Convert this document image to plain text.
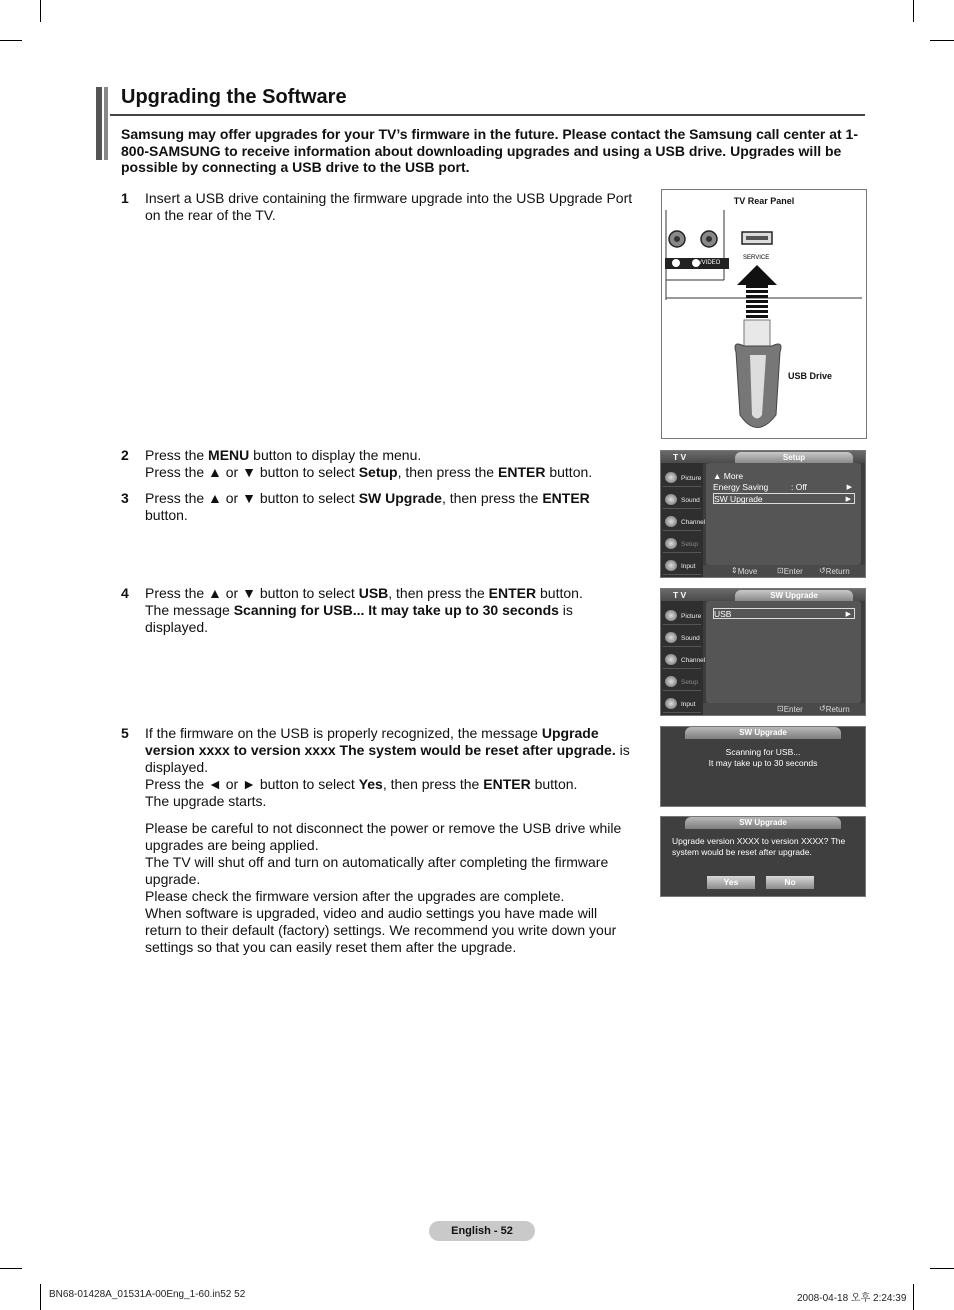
Upgrading the Software
Samsung may offer upgrades for your TV’s firmware in the future. Please contact the Samsung call center at 1-800-SAMSUNG to receive information about downloading upgrades and using a USB drive. Upgrades will be possible by connecting a USB drive to the USB port.
1	Insert a USB drive containing the firmware upgrade into the USB Upgrade Port on the rear of the TV.

2	Press the MENU button to display the menu.

Press the ▲ or ▼ button to select Setup, then press the ENTER button.

3	Press the ▲ or ▼ button to select SW Upgrade, then press the ENTER button.

4	Press the ▲ or ▼ button to select USB, then press the ENTER button.

The message Scanning for USB... It may take up to 30 seconds is displayed.

5	If the firmware on the USB is properly recognized, the message Upgrade version xxxx to version xxxx The system would be reset after upgrade. is displayed.

Press the ◄ or ► button to select Yes, then press the ENTER button.

The upgrade starts.

Please be careful to not disconnect the power or remove the USB drive while upgrades are being applied.

The TV will shut off and turn on automatically after completing the firmware upgrade.

Please check the firmware version after the upgrades are complete.

When software is upgraded, video and audio settings you have made will return to their default (factory) settings. We recommend you write down your settings so that you can easily reset them after the upgrade.

TV Rear Panel
SERVICE
/VIDEO
USB Drive
T V	Setup
Picture
Sound
Channel
Setup
Input
▲ More
Energy Saving	: Off	▶
SW Upgrade	▶
⇕ Move ⊡ Enter ↺ Return
T V	SW Upgrade
Picture
Sound
Channel
Setup
Input
USB	▶
⊡ Enter ↺ Return
SW Upgrade
Scanning for USB...
It may take up to 30 seconds
SW Upgrade
Upgrade version XXXX to version XXXX? The
system would be reset after upgrade.
Yes	No
English - 52
BN68-01428A_01531A-00Eng_1-60.in52 52	2008-04-18 오후 2:24:39
